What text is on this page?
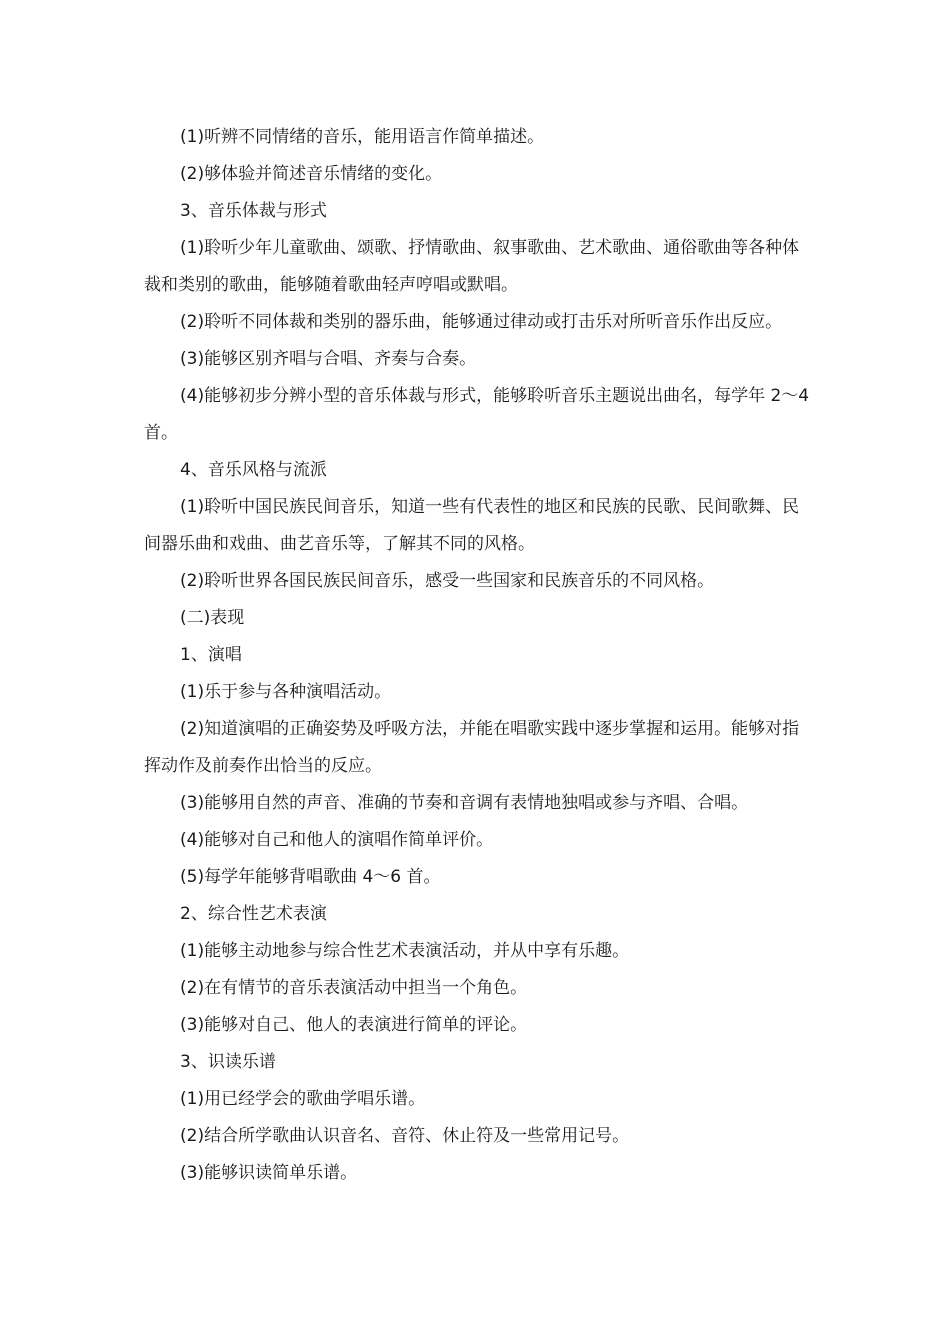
(1)听辨不同情绪的音乐，能用语言作简单描述。

(2)够体验并简述音乐情绪的变化。

3、音乐体裁与形式

(1)聆听少年儿童歌曲、颂歌、抒情歌曲、叙事歌曲、艺术歌曲、通俗歌曲等各种体裁和类别的歌曲，能够随着歌曲轻声哼唱或默唱。

(2)聆听不同体裁和类别的器乐曲，能够通过律动或打击乐对所听音乐作出反应。

(3)能够区别齐唱与合唱、齐奏与合奏。

(4)能够初步分辨小型的音乐体裁与形式，能够聆听音乐主题说出曲名，每学年 2～4 首。

4、音乐风格与流派

(1)聆听中国民族民间音乐，知道一些有代表性的地区和民族的民歌、民间歌舞、民间器乐曲和戏曲、曲艺音乐等，了解其不同的风格。

(2)聆听世界各国民族民间音乐，感受一些国家和民族音乐的不同风格。

(二)表现

1、演唱

(1)乐于参与各种演唱活动。

(2)知道演唱的正确姿势及呼吸方法，并能在唱歌实践中逐步掌握和运用。能够对指挥动作及前奏作出恰当的反应。

(3)能够用自然的声音、准确的节奏和音调有表情地独唱或参与齐唱、合唱。

(4)能够对自己和他人的演唱作简单评价。

(5)每学年能够背唱歌曲 4～6 首。

2、综合性艺术表演

(1)能够主动地参与综合性艺术表演活动，并从中享有乐趣。

(2)在有情节的音乐表演活动中担当一个角色。

(3)能够对自己、他人的表演进行简单的评论。

3、识读乐谱

(1)用已经学会的歌曲学唱乐谱。

(2)结合所学歌曲认识音名、音符、休止符及一些常用记号。

(3)能够识读简单乐谱。
